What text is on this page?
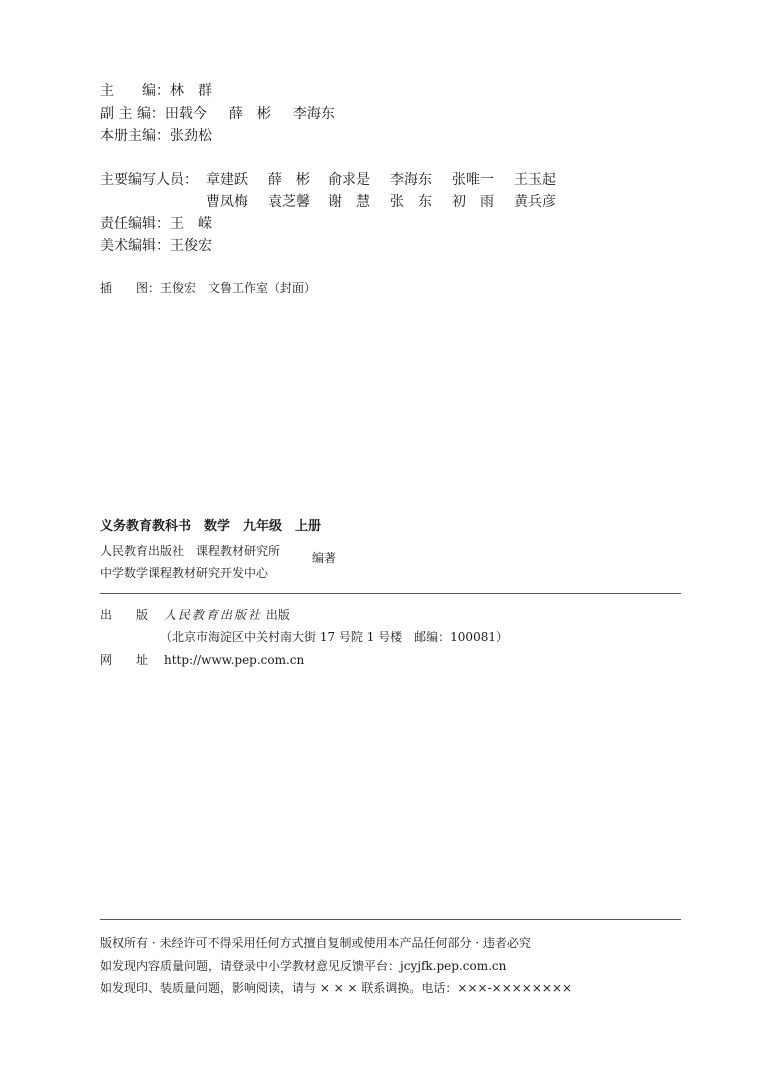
主　　编：林　群
副 主 编：田载今 薛　彬 李海东
本册主编：张劲松
主要编写人员： 章建跃 薛　彬 俞求是 李海东 张唯一 王玉起
曹凤梅 袁芝馨 谢　慧 张　东 初　雨 黄兵彦
责任编辑：王　嵘
美术编辑：王俊宏
插　　图：王俊宏　文鲁工作室（封面）
义务教育教科书　数学　九年级　上册
人民教育出版社　课程教材研究所
中学数学课程教材研究开发中心
编著
出　　版 人民教育出版社 出版
（北京市海淀区中关村南大街 17 号院 1 号楼　邮编：100081）
网　　址 http://www.pep.com.cn
版权所有 · 未经许可不得采用任何方式擅自复制或使用本产品任何部分 · 违者必究
如发现内容质量问题，请登录中小学教材意见反馈平台：jcyjfk.pep.com.cn
如发现印、装质量问题，影响阅读，请与 × × × 联系调换。电话：×××-××××××××
